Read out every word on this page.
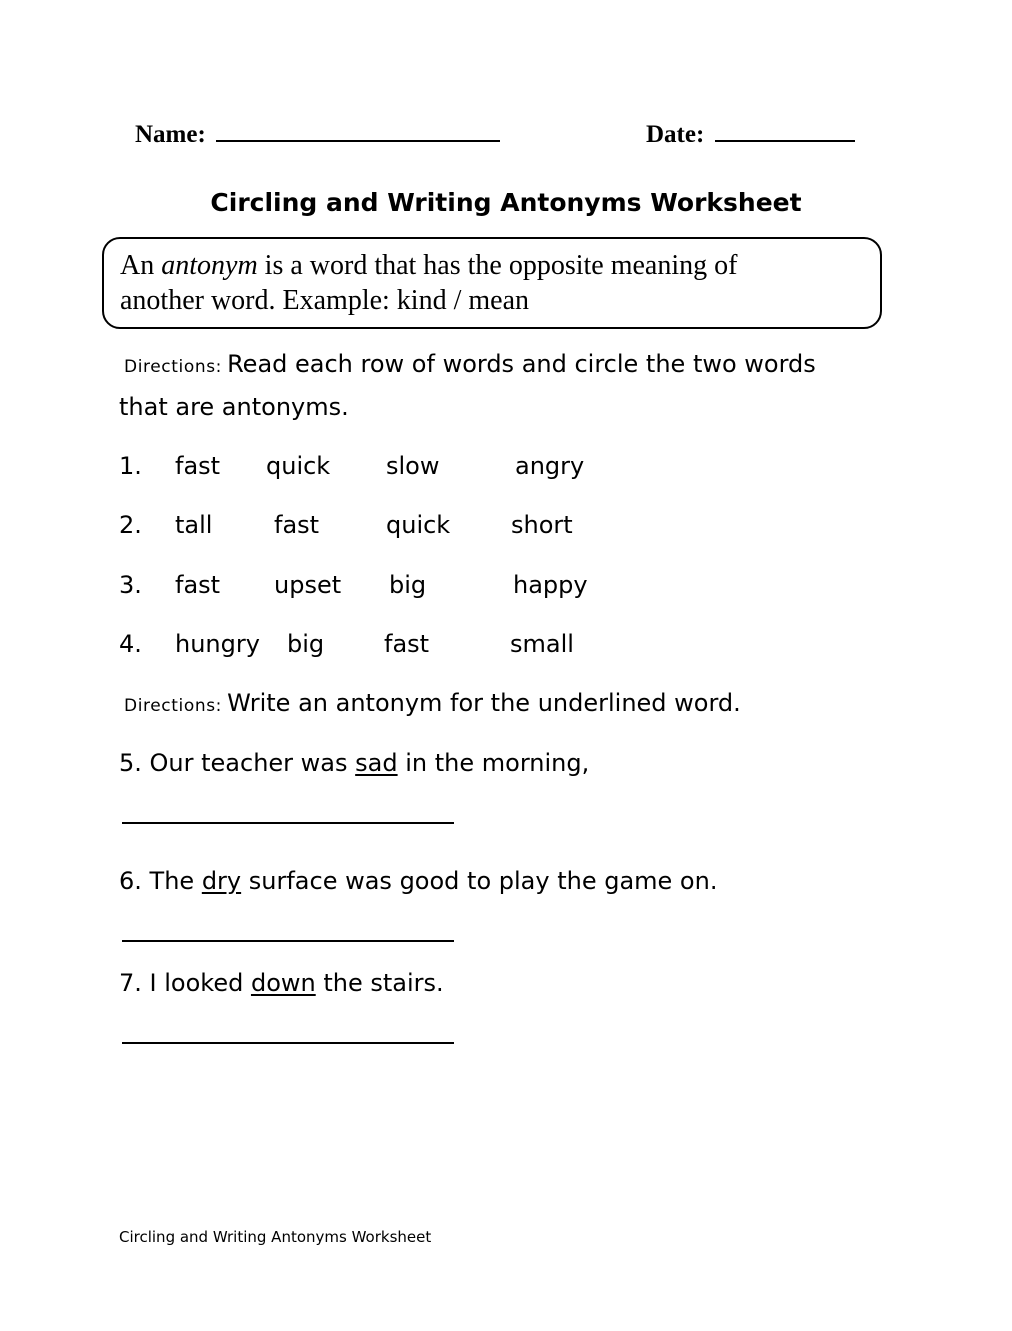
Name:	Date:
Circling and Writing Antonyms Worksheet
An antonym is a word that has the opposite meaning of
another word. Example: kind / mean
Directions: Read each row of words and circle the two words
that are antonyms.
1. fast quick slow	angry
2. tall	fast	quick	short
3. fast upset big	happy
4. hungry big fast	small
Directions: Write an antonym for the underlined word.
5. Our teacher was sad in the morning,
6. The dry surface was good to play the game on.
7. I looked down the stairs.
Circling and Writing Antonyms Worksheet
